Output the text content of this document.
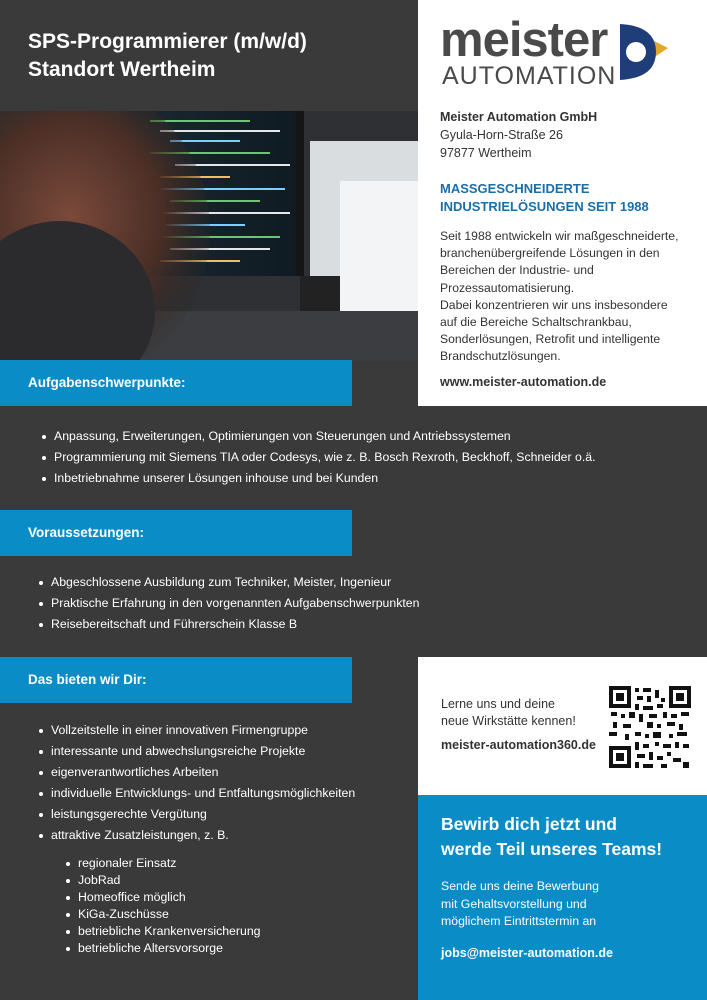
SPS-Programmierer (m/w/d)
Standort Wertheim
meister
AUTOMATION
Meister Automation GmbH
Gyula-Horn-Straße 26
97877 Wertheim
MASSGESCHNEIDERTE
INDUSTRIELÖSUNGEN SEIT 1988
Seit 1988 entwickeln wir maßgeschneiderte,
branchenübergreifende Lösungen in den
Bereichen der Industrie- und
Prozessautomatisierung.
Dabei konzentrieren wir uns insbesondere
auf die Bereiche Schaltschrankbau,
Sonderlösungen, Retrofit und intelligente
Brandschutzlösungen.
www.meister-automation.de
Aufgabenschwerpunkte:
Anpassung, Erweiterungen, Optimierungen von Steuerungen und Antriebssystemen
Programmierung mit Siemens TIA oder Codesys, wie z. B. Bosch Rexroth, Beckhoff, Schneider o.ä.
Inbetriebnahme unserer Lösungen inhouse und bei Kunden
Voraussetzungen:
Abgeschlossene Ausbildung zum Techniker, Meister, Ingenieur
Praktische Erfahrung in den vorgenannten Aufgabenschwerpunkten
Reisebereitschaft und Führerschein Klasse B
Das bieten wir Dir:
Vollzeitstelle in einer innovativen Firmengruppe
interessante und abwechslungsreiche Projekte
eigenverantwortliches Arbeiten
individuelle Entwicklungs- und Entfaltungsmöglichkeiten
leistungsgerechte Vergütung
attraktive Zusatzleistungen, z. B.
regionaler Einsatz
JobRad
Homeoffice möglich
KiGa-Zuschüsse
betriebliche Krankenversicherung
betriebliche Altersvorsorge
Lerne uns und deine
neue Wirkstätte kennen!
meister-automation360.de
Bewirb dich jetzt und
werde Teil unseres Teams!
Sende uns deine Bewerbung
mit Gehaltsvorstellung und
möglichem Eintrittstermin an
jobs@meister-automation.de
